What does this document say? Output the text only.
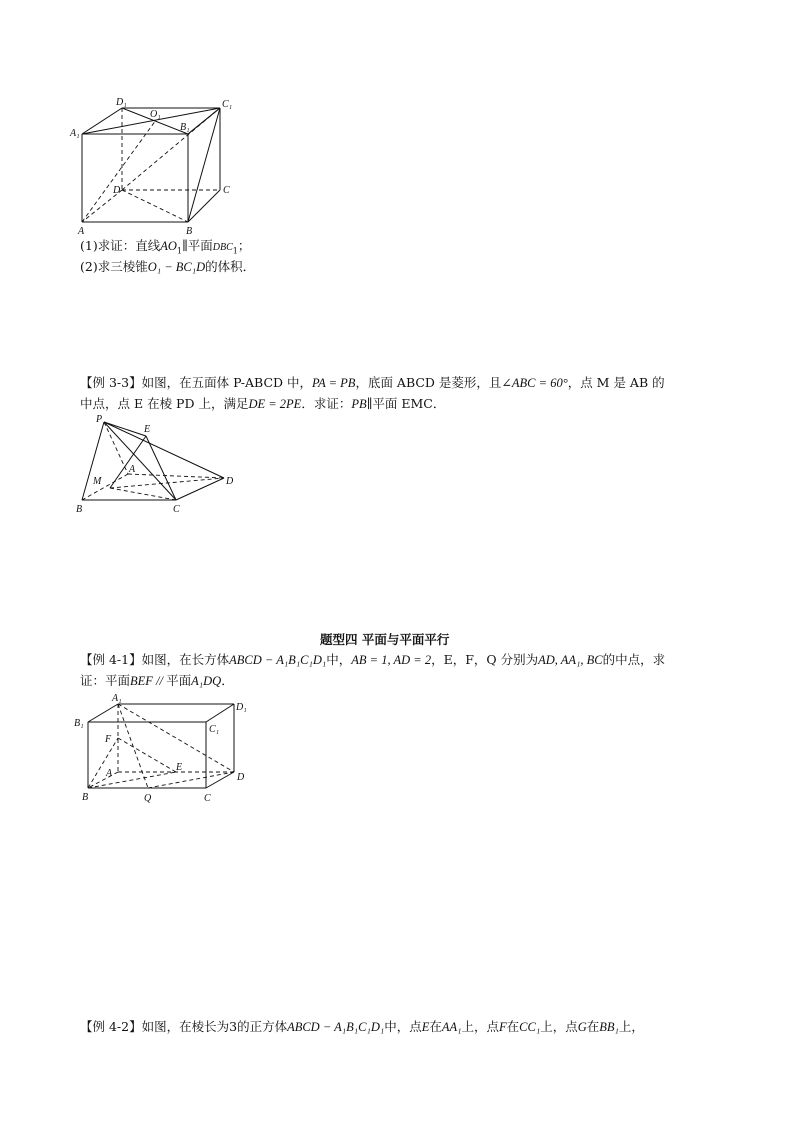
A₁
D₁
O₁
B₁
C₁
D	C
A	B
(1)求证：直线$AO_1\parallel$平面$DBC_1$；
(2)求三棱锥O₁ − BC₁D的体积．
【例 3-3】如图，在五面体 P-ABCD 中，PA = PB，底面 ABCD 是菱形，且∠ABC = 60°，点 M 是 AB 的
中点，点 E 在棱 PD 上，满足DE = 2PE．求证：PB∥平面 EMC．
P
E
A
M	D
B	C
题型四 平面与平面平行
【例 4-1】如图，在长方体ABCD − A₁B₁C₁D₁中，AB = 1, AD = 2，E，F，Q 分别为AD, AA₁, BC的中点，求
证：平面BEF // 平面A₁DQ．
A₁
D₁
B₁
C₁
F
A
E
D
B	Q	C
【例 4-2】如图，在棱长为3的正方体ABCD − A₁B₁C₁D₁中，点E在AA₁上，点F在CC₁上，点G在BB₁上，
